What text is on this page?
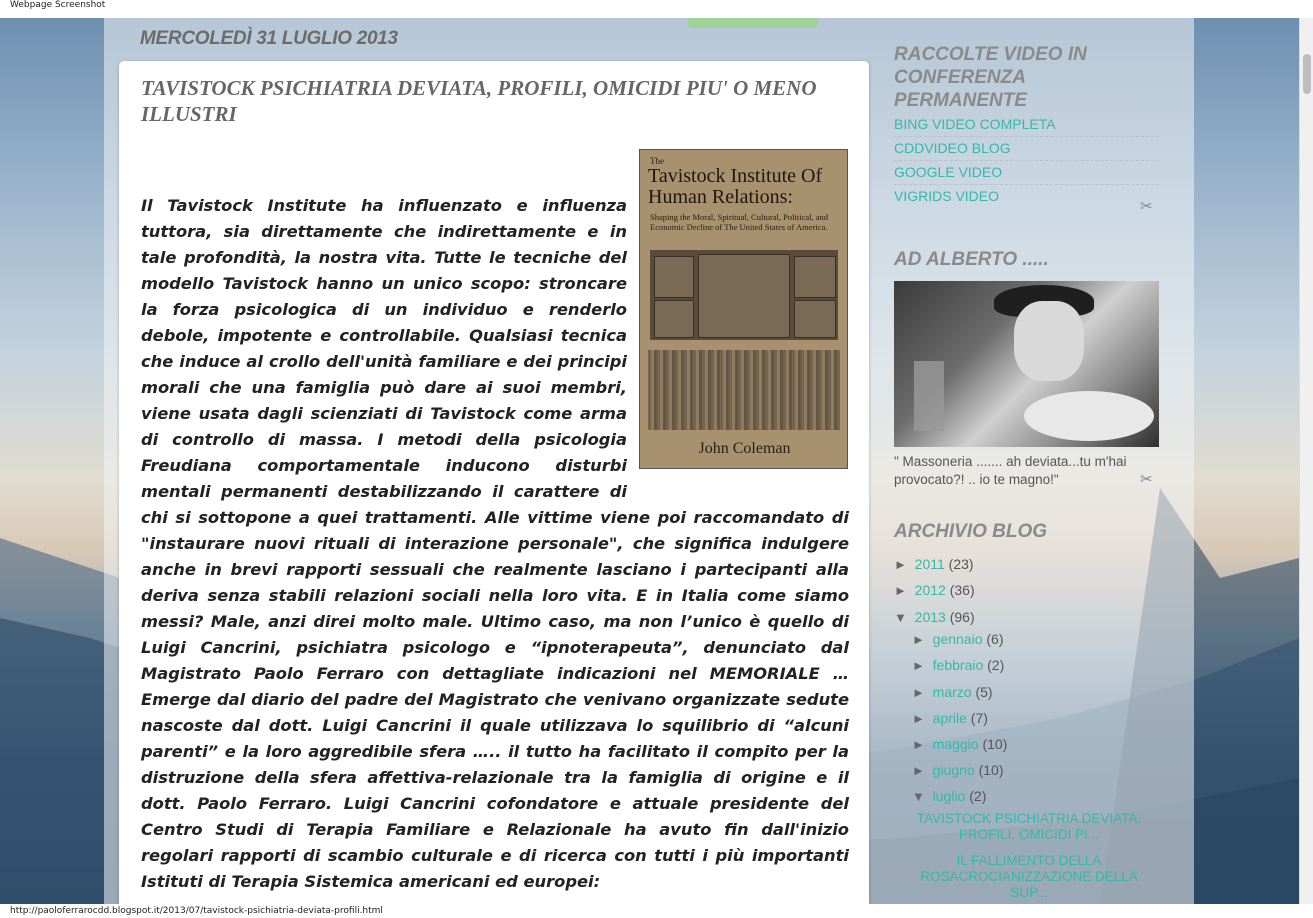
Webpage Screenshot
MERCOLEDÌ 31 LUGLIO 2013
TAVISTOCK PSICHIATRIA DEVIATA, PROFILI, OMICIDI PIU' O MENO ILLUSTRI
The
Tavistock Institute Of Human Relations:
Shaping the Moral, Spiritual, Cultural, Political, and Economic Decline of The United States of America.
John Coleman
Il Tavistock Institute ha influenzato e influenza tuttora, sia direttamente che indirettamente e in tale profondità, la nostra vita. Tutte le tecniche del modello Tavistock hanno un unico scopo: stroncare la forza psicologica di un individuo e renderlo debole, impotente e controllabile. Qualsiasi tecnica che induce al crollo dell'unità familiare e dei principi morali che una famiglia può dare ai suoi membri, viene usata dagli scienziati di Tavistock come arma di controllo di massa. I metodi della psicologia Freudiana comportamentale inducono disturbi mentali permanenti destabilizzando il carattere di chi si sottopone a quei trattamenti. Alle vittime viene poi raccomandato di "instaurare nuovi rituali di interazione personale", che significa indulgere anche in brevi rapporti sessuali che realmente lasciano i partecipanti alla deriva senza stabili relazioni sociali nella loro vita. E in Italia come siamo messi? Male, anzi direi molto male. Ultimo caso, ma non l’unico è quello di Luigi Cancrini, psichiatra psicologo e “ipnoterapeuta”, denunciato dal Magistrato Paolo Ferraro con dettagliate indicazioni nel MEMORIALE … Emerge dal diario del padre del Magistrato che venivano organizzate sedute nascoste dal dott. Luigi Cancrini il quale utilizzava lo squilibrio di “alcuni parenti” e la loro aggredibile sfera ….. il tutto ha facilitato il compito per la distruzione della sfera affettiva-relazionale tra la famiglia di origine e il dott. Paolo Ferraro. Luigi Cancrini cofondatore e attuale presidente del Centro Studi di Terapia Familiare e Relazionale ha avuto fin dall'inizio regolari rapporti di scambio culturale e di ricerca con tutti i più importanti Istituti di Terapia Sistemica americani ed europei:
RACCOLTE VIDEO IN CONFERENZA PERMANENTE
BING VIDEO COMPLETA
CDDVIDEO BLOG
GOOGLE VIDEO
VIGRIDS VIDEO
✂
AD ALBERTO .....
" Massoneria ....... ah deviata...tu m'hai provocato?! .. io te magno!"	✂
ARCHIVIO BLOG
► 2011 (23)
► 2012 (36)
▼ 2013 (96)
► gennaio (6)
► febbraio (2)
► marzo (5)
► aprile (7)
► maggio (10)
► giugno (10)
▼ luglio (2)
TAVISTOCK PSICHIATRIA DEVIATA, PROFILI, OMICIDI PI...
IL FALLIMENTO DELLA ROSACROCIANIZZAZIONE DELLA SUP...
http://paoloferrarocdd.blogspot.it/2013/07/tavistock-psichiatria-deviata-profili.html
